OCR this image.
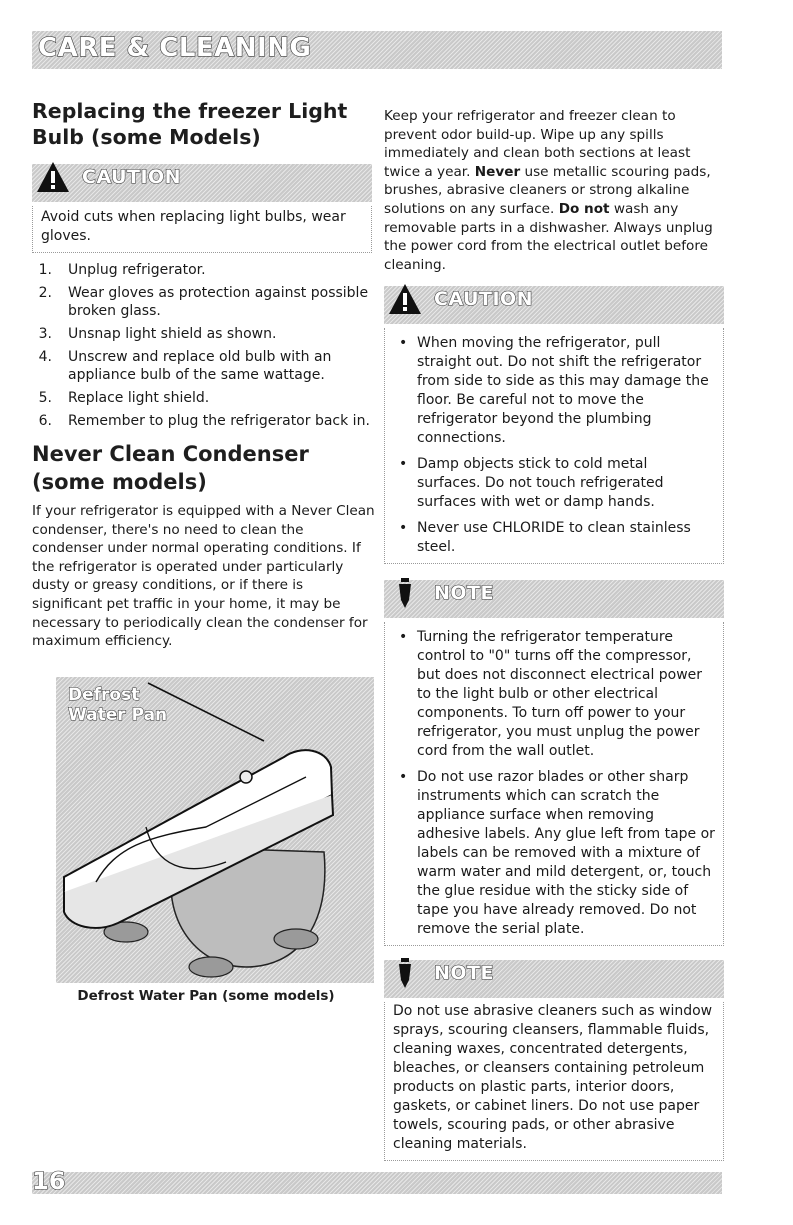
CARE & CLEANING
Replacing the freezer Light Bulb (some Models)
CAUTION
Avoid cuts when replacing light bulbs, wear gloves.
1. Unplug refrigerator.
2. Wear gloves as protection against possible broken glass.
3. Unsnap light shield as shown.
4. Unscrew and replace old bulb with an appliance bulb of the same wattage.
5. Replace light shield.
6. Remember to plug the refrigerator back in.
Never Clean Condenser (some models)

If your refrigerator is equipped with a Never Clean condenser, there's no need to clean the condenser under normal operating conditions. If the refrigerator is operated under particularly dusty or greasy conditions, or if there is significant pet traffic in your home, it may be necessary to periodically clean the condenser for maximum efficiency.

Defrost
Water Pan
Defrost Water Pan (some models)

Keep your refrigerator and freezer clean to prevent odor build-up. Wipe up any spills immediately and clean both sections at least twice a year. Never use metallic scouring pads, brushes, abrasive cleaners or strong alkaline solutions on any surface. Do not wash any removable parts in a dishwasher. Always unplug the power cord from the electrical outlet before cleaning.

CAUTION
• When moving the refrigerator, pull straight out. Do not shift the refrigerator from side to side as this may damage the floor. Be careful not to move the refrigerator beyond the plumbing connections.
• Damp objects stick to cold metal surfaces. Do not touch refrigerated surfaces with wet or damp hands.
• Never use CHLORIDE to clean stainless steel.
NOTE
• Turning the refrigerator temperature control to "0" turns off the compressor, but does not disconnect electrical power to the light bulb or other electrical components. To turn off power to your refrigerator, you must unplug the power cord from the wall outlet.
• Do not use razor blades or other sharp instruments which can scratch the appliance surface when removing adhesive labels. Any glue left from tape or labels can be removed with a mixture of warm water and mild detergent, or, touch the glue residue with the sticky side of tape you have already removed. Do not remove the serial plate.
NOTE
Do not use abrasive cleaners such as window sprays, scouring cleansers, flammable fluids, cleaning waxes, concentrated detergents, bleaches, or cleansers containing petroleum products on plastic parts, interior doors, gaskets, or cabinet liners. Do not use paper towels, scouring pads, or other abrasive cleaning materials.
16
